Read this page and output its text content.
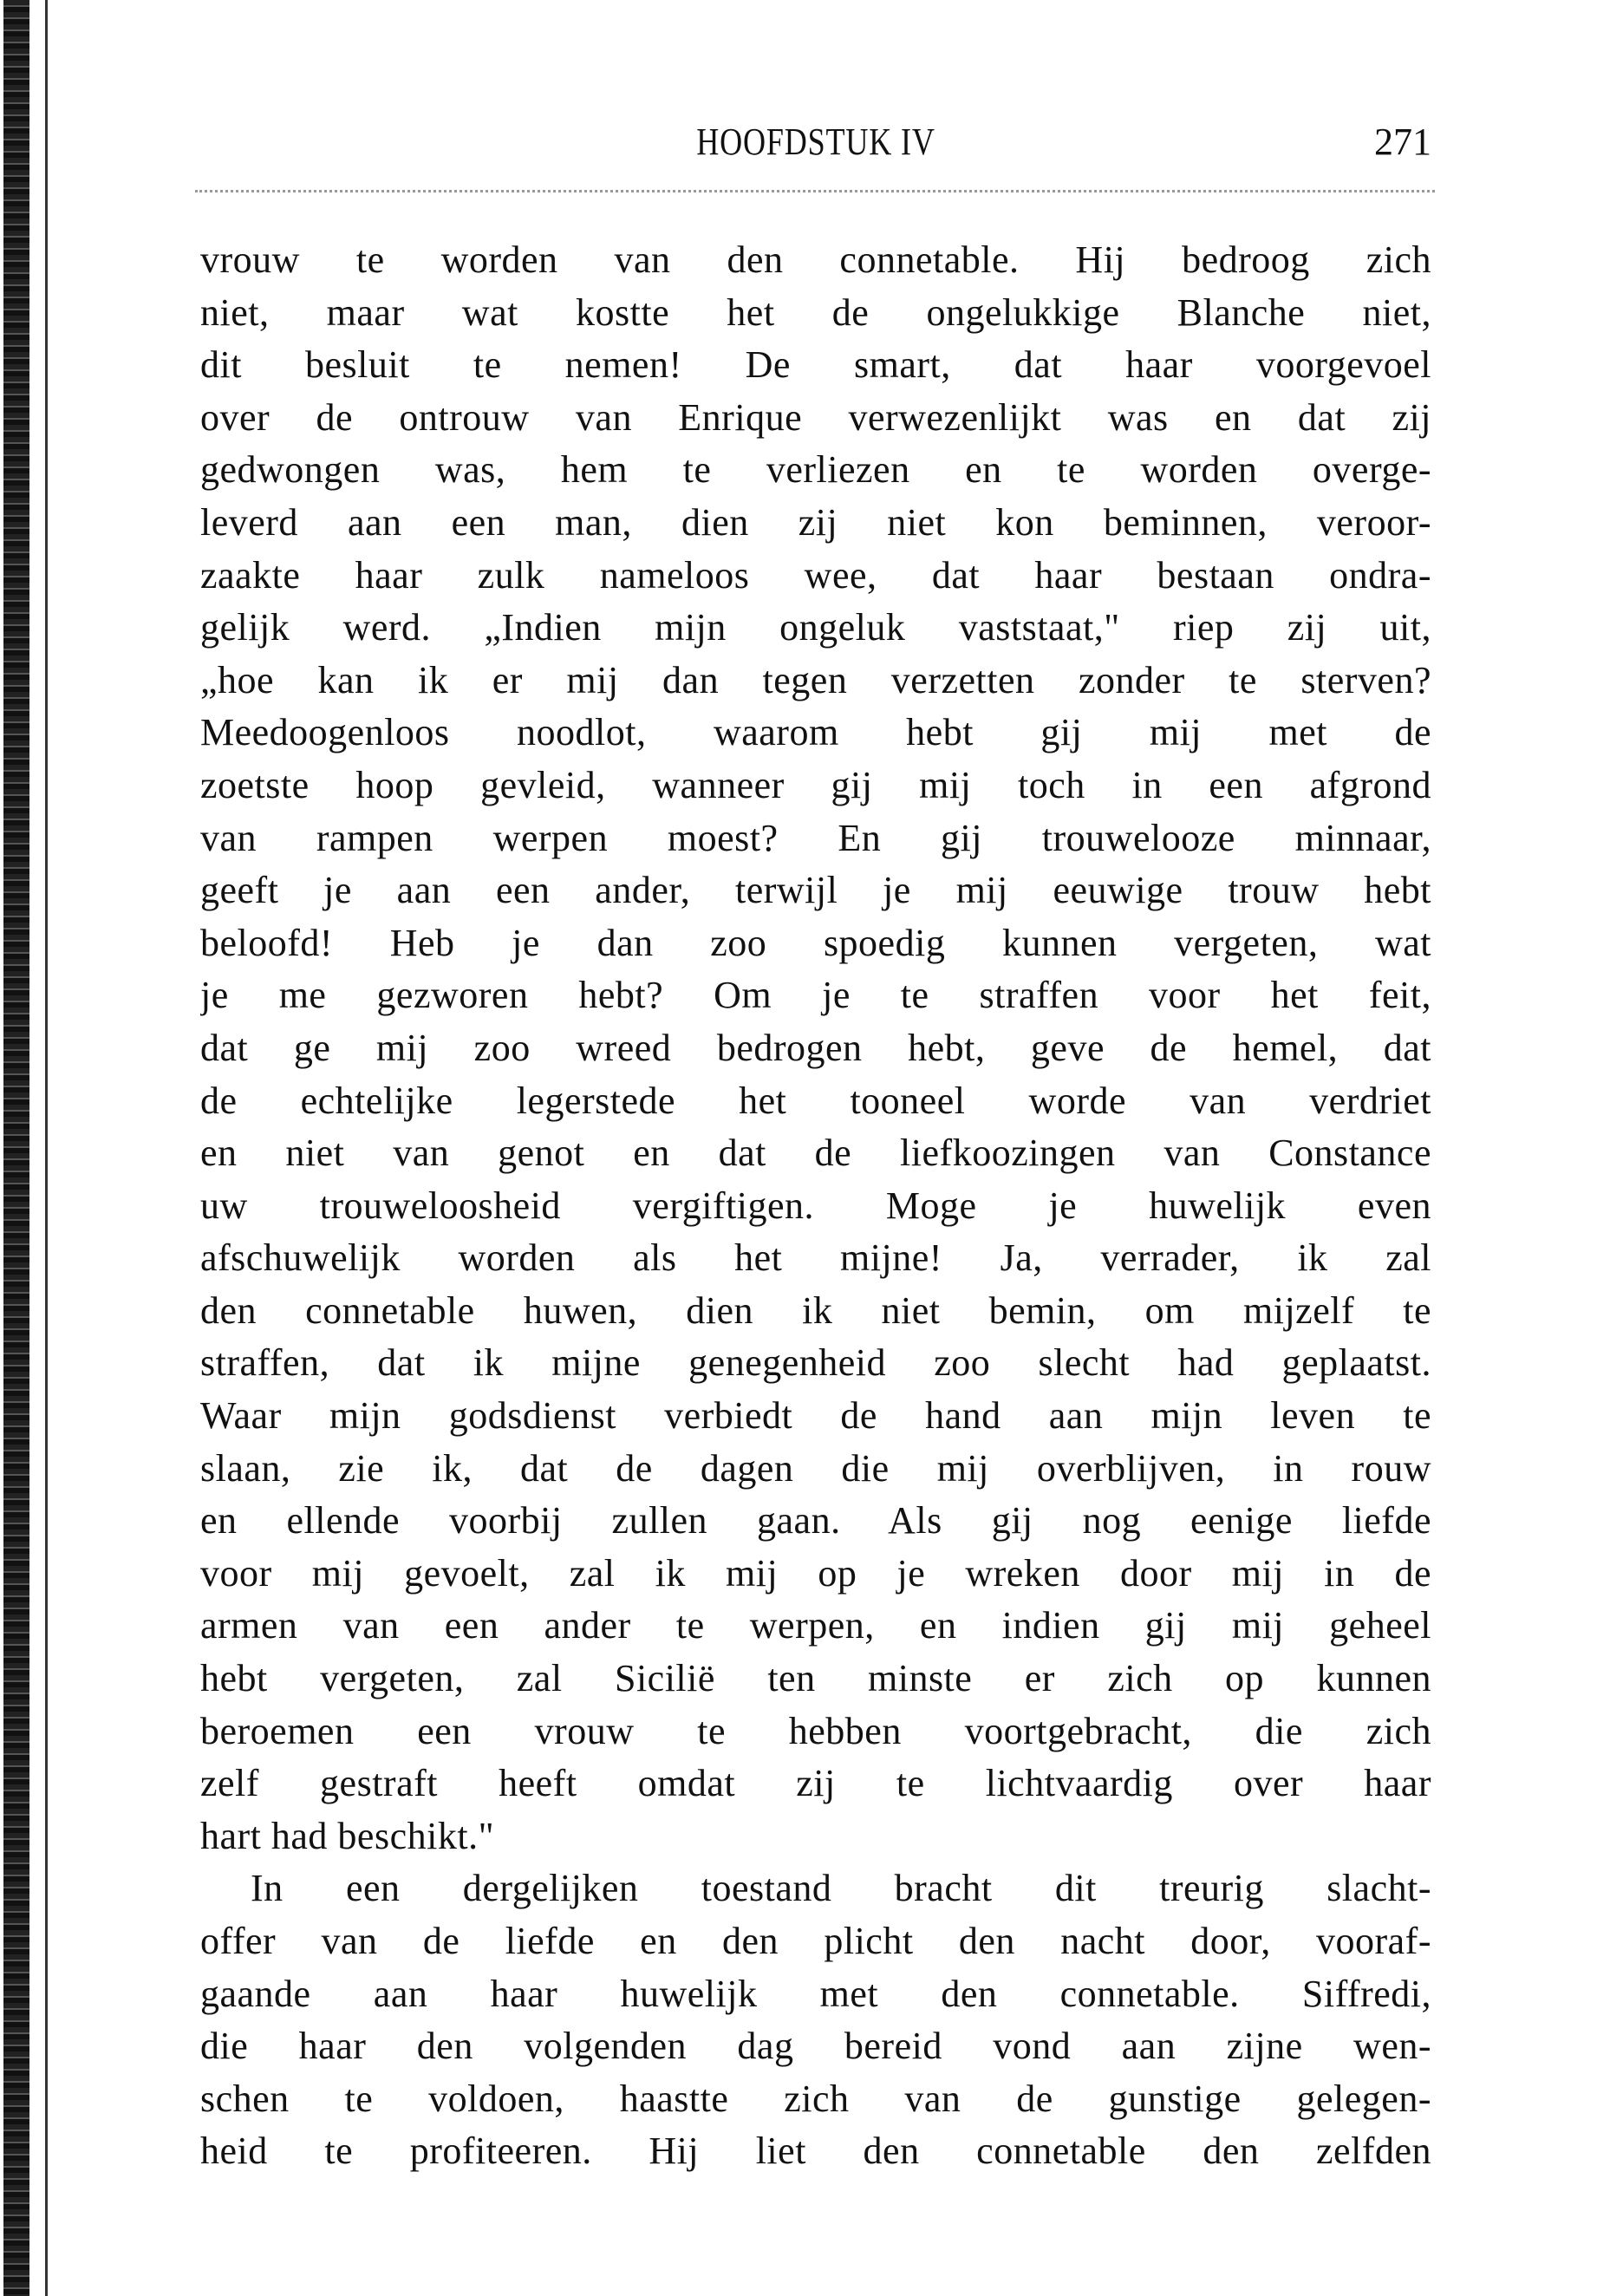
HOOFDSTUK IV	271
vrouw te worden van den connetable. Hij bedroog zich
niet, maar wat kostte het de ongelukkige Blanche niet,
dit besluit te nemen! De smart, dat haar voorgevoel
over de ontrouw van Enrique verwezenlijkt was en dat zij
gedwongen was, hem te verliezen en te worden overge-
leverd aan een man, dien zij niet kon beminnen, veroor-
zaakte haar zulk nameloos wee, dat haar bestaan ondra-
gelijk werd. „Indien mijn ongeluk vaststaat," riep zij uit,
„hoe kan ik er mij dan tegen verzetten zonder te sterven?
Meedoogenloos noodlot, waarom hebt gij mij met de
zoetste hoop gevleid, wanneer gij mij toch in een afgrond
van rampen werpen moest? En gij trouwelooze minnaar,
geeft je aan een ander, terwijl je mij eeuwige trouw hebt
beloofd! Heb je dan zoo spoedig kunnen vergeten, wat
je me gezworen hebt? Om je te straffen voor het feit,
dat ge mij zoo wreed bedrogen hebt, geve de hemel, dat
de echtelijke legerstede het tooneel worde van verdriet
en niet van genot en dat de liefkoozingen van Constance
uw trouweloosheid vergiftigen. Moge je huwelijk even
afschuwelijk worden als het mijne! Ja, verrader, ik zal
den connetable huwen, dien ik niet bemin, om mijzelf te
straffen, dat ik mijne genegenheid zoo slecht had geplaatst.
Waar mijn godsdienst verbiedt de hand aan mijn leven te
slaan, zie ik, dat de dagen die mij overblijven, in rouw
en ellende voorbij zullen gaan. Als gij nog eenige liefde
voor mij gevoelt, zal ik mij op je wreken door mij in de
armen van een ander te werpen, en indien gij mij geheel
hebt vergeten, zal Sicilië ten minste er zich op kunnen
beroemen een vrouw te hebben voortgebracht, die zich
zelf gestraft heeft omdat zij te lichtvaardig over haar
hart had beschikt."
In een dergelijken toestand bracht dit treurig slacht-
offer van de liefde en den plicht den nacht door, vooraf-
gaande aan haar huwelijk met den connetable. Siffredi,
die haar den volgenden dag bereid vond aan zijne wen-
schen te voldoen, haastte zich van de gunstige gelegen-
heid te profiteeren. Hij liet den connetable den zelfden
